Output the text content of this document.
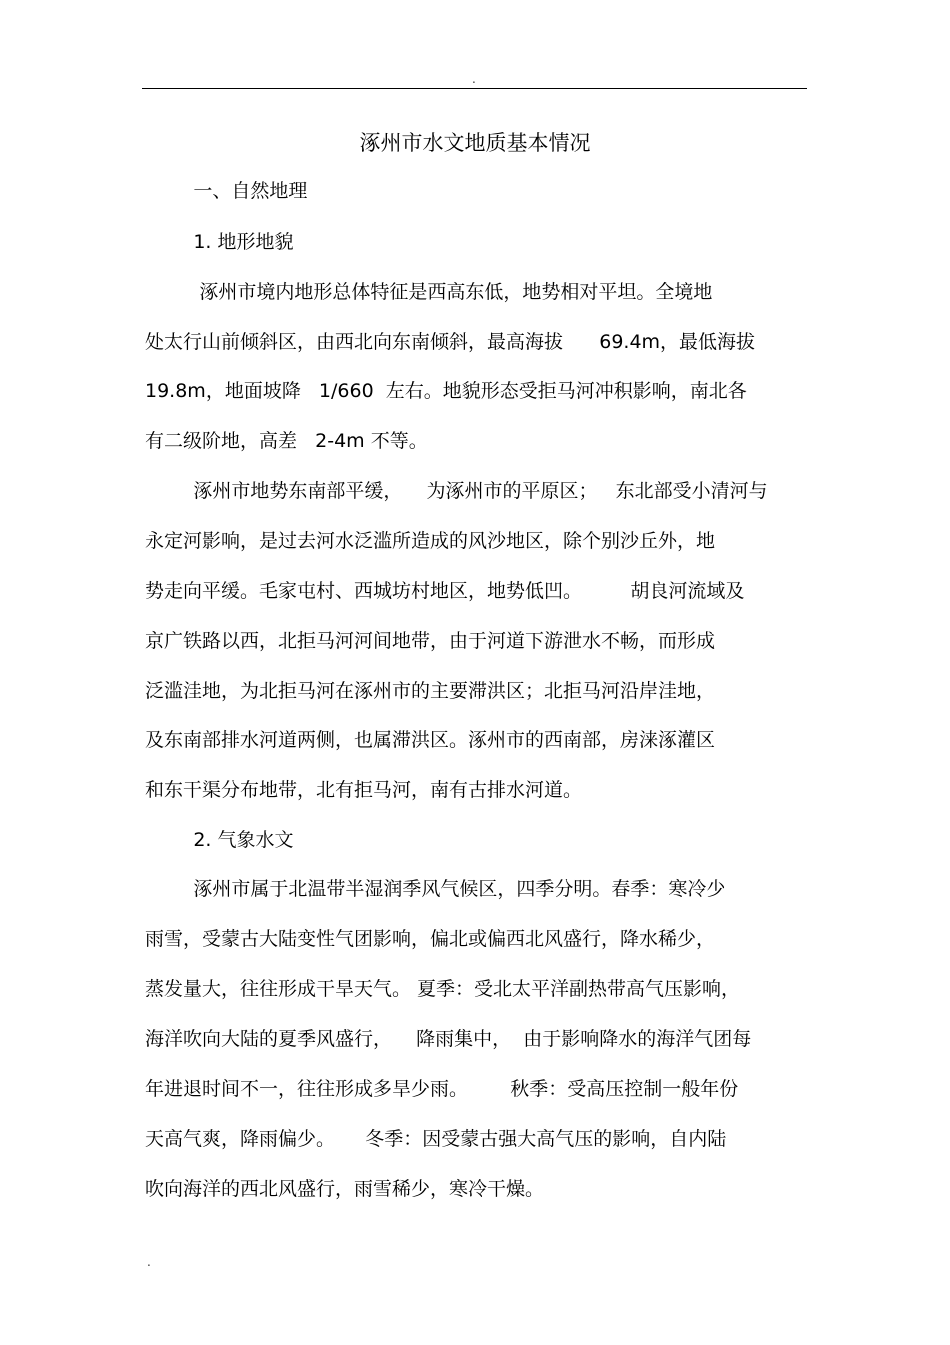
.
涿州市水文地质基本情况
一、自然地理
1. 地形地貌
涿州市境内地形总体特征是西高东低，地势相对平坦。全境地
处太行山前倾斜区，由西北向东南倾斜，最高海拔      69.4m，最低海拔
19.8m，地面坡降   1/660  左右。地貌形态受拒马河冲积影响，南北各
有二级阶地，高差   2-4m 不等。
涿州市地势东南部平缓，    为涿州市的平原区；   东北部受小清河与
永定河影响，是过去河水泛滥所造成的风沙地区，除个别沙丘外，地
势走向平缓。毛家屯村、西城坊村地区，地势低凹。        胡良河流域及
京广铁路以西，北拒马河河间地带，由于河道下游泄水不畅，而形成
泛滥洼地，为北拒马河在涿州市的主要滞洪区；北拒马河沿岸洼地，
及东南部排水河道两侧，也属滞洪区。涿州市的西南部，房涞涿灌区
和东干渠分布地带，北有拒马河，南有古排水河道。
2. 气象水文
涿州市属于北温带半湿润季风气候区，四季分明。春季：寒冷少
雨雪，受蒙古大陆变性气团影响，偏北或偏西北风盛行，降水稀少，
蒸发量大，往往形成干旱天气。 夏季：受北太平洋副热带高气压影响，
海洋吹向大陆的夏季风盛行，    降雨集中，  由于影响降水的海洋气团每
年进退时间不一，往往形成多旱少雨。       秋季：受高压控制一般年份
天高气爽，降雨偏少。     冬季：因受蒙古强大高气压的影响，自内陆
吹向海洋的西北风盛行，雨雪稀少，寒冷干燥。
.
